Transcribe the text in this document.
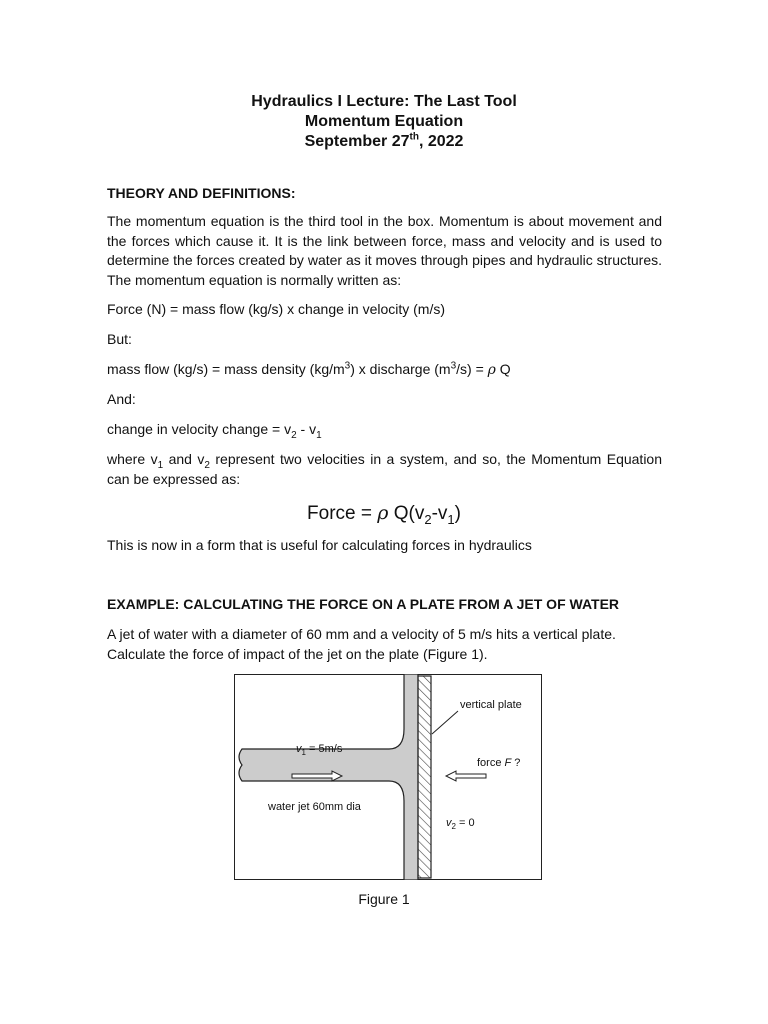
Hydraulics I Lecture: The Last Tool

Momentum Equation

September 27th, 2022

THEORY AND DEFINITIONS:

The momentum equation is the third tool in the box. Momentum is about movement and the forces which cause it. It is the link between force, mass and velocity and is used to determine the forces created by water as it moves through pipes and hydraulic structures. The momentum equation is normally written as:

Force (N) = mass flow (kg/s) x change in velocity (m/s)

But:

mass flow (kg/s) = mass density $(kg/m^3)$ x discharge $(m^3/s) = \rho$ Q

And:

change in velocity change = $v_2 - v_1$

where $v_1$ and $v_2$ represent two velocities in a system, and so, the Momentum Equation can be expressed as:

Force = ρ $Q(v_2-v_1)$

This is now in a form that is useful for calculating forces in hydraulics

EXAMPLE: CALCULATING THE FORCE ON A PLATE FROM A JET OF WATER

A jet of water with a diameter of 60 mm and a velocity of 5 m/s hits a vertical plate. Calculate the force of impact of the jet on the plate (Figure 1).

vertical plate
$v_1 = 5m/s$
force F ?
water jet 60mm dia
$v_2 = 0$
Figure 1
